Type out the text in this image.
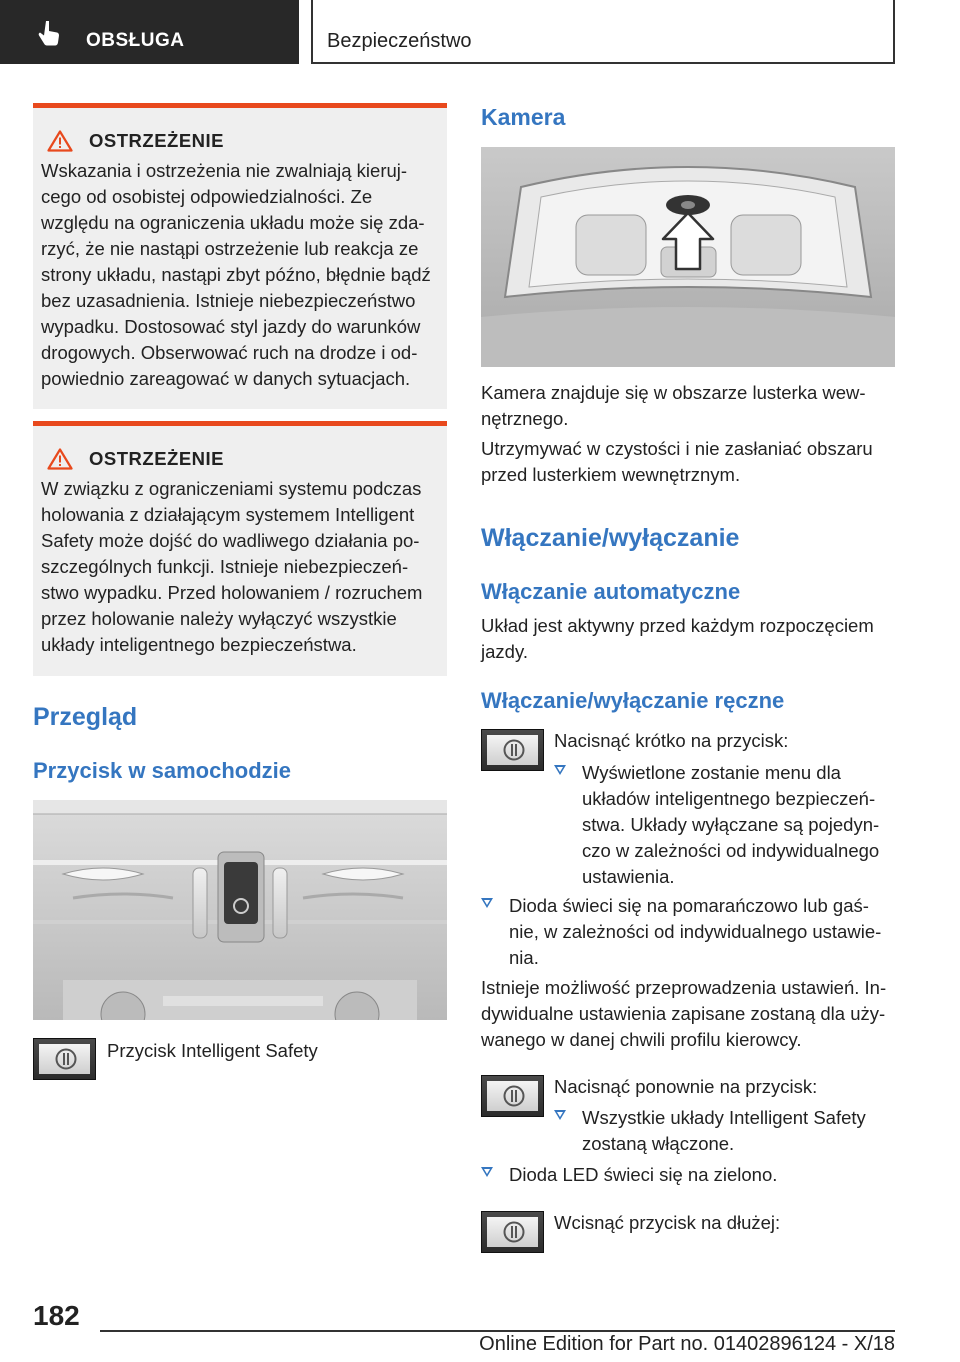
OBSŁUGA	Bezpieczeństwo
OSTRZEŻENIE

Wskazania i ostrzeżenia nie zwalniają kieruj‐

cego od osobistej odpowiedzialności. Ze

względu na ograniczenia układu może się zda‐

rzyć, że nie nastąpi ostrzeżenie lub reakcja ze

strony układu, nastąpi zbyt późno, błędnie bądź

bez uzasadnienia. Istnieje niebezpieczeństwo

wypadku. Dostosować styl jazdy do warunków

drogowych. Obserwować ruch na drodze i od‐

powiednio zareagować w danych sytuacjach.

OSTRZEŻENIE

W związku z ograniczeniami systemu podczas

holowania z działającym systemem Intelligent

Safety może dojść do wadliwego działania po‐

szczególnych funkcji. Istnieje niebezpieczeń‐

stwo wypadku. Przed holowaniem / rozruchem

przez holowanie należy wyłączyć wszystkie

układy inteligentnego bezpieczeństwa.

Przegląd
Przycisk w samochodzie

Przycisk Intelligent Safety

Kamera

Kamera znajduje się w obszarze lusterka wew‐
nętrznego.

Utrzymywać w czystości i nie zasłaniać obszaru
przed lusterkiem wewnętrznym.

Włączanie/wyłączanie
Włączanie automatyczne

Układ jest aktywny przed każdym rozpoczęciem
jazdy.

Włączanie/wyłączanie ręczne

Nacisnąć krótko na przycisk:

Wyświetlone zostanie menu dla
układów inteligentnego bezpieczeń‐
stwa. Układy wyłączane są pojedyn‐
czo w zależności od indywidualnego
ustawienia.
Dioda świeci się na pomarańczowo lub gaś‐
nie, w zależności od indywidualnego ustawie‐
nia.

Istnieje możliwość przeprowadzenia ustawień. In‐
dywidualne ustawienia zapisane zostaną dla uży‐
wanego w danej chwili profilu kierowcy.

Nacisnąć ponownie na przycisk:

Wszystkie układy Intelligent Safety
zostaną włączone.
Dioda LED świeci się na zielono.

Wcisnąć przycisk na dłużej:

182
Online Edition for Part no. 01402896124 - X/18
